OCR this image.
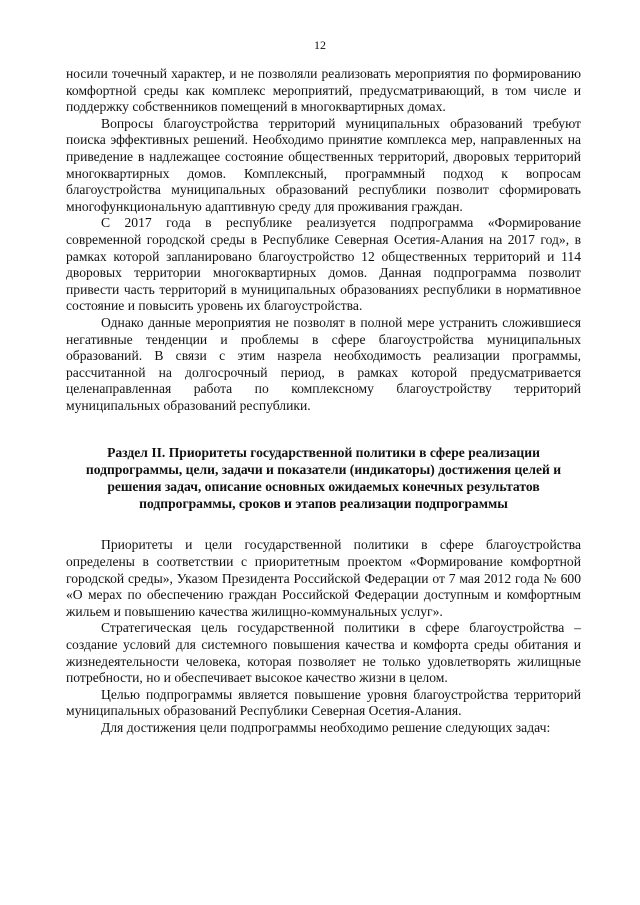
12

носили точечный характер, и не позволяли реализовать мероприятия по формированию комфортной среды как комплекс мероприятий, предусматривающий, в том числе и поддержку собственников помещений в многоквартирных домах.

Вопросы благоустройства территорий муниципальных образований требуют поиска эффективных решений. Необходимо принятие комплекса мер, направленных на приведение в надлежащее состояние общественных территорий, дворовых территорий многоквартирных домов. Комплексный, программный подход к вопросам благоустройства муниципальных образований республики позволит сформировать многофункциональную адаптивную среду для проживания граждан.

С 2017 года в республике реализуется подпрограмма «Формирование современной городской среды в Республике Северная Осетия-Алания на 2017 год», в рамках которой запланировано благоустройство 12 общественных территорий и 114 дворовых территории многоквартирных домов. Данная подпрограмма позволит привести часть территорий в муниципальных образованиях республики в нормативное состояние и повысить уровень их благоустройства.

Однако данные мероприятия не позволят в полной мере устранить сложившиеся негативные тенденции и проблемы в сфере благоустройства муниципальных образований. В связи с этим назрела необходимость реализации программы, рассчитанной на долгосрочный период, в рамках которой предусматривается целенаправленная работа по комплексному благоустройству территорий муниципальных образований республики.

Раздел II. Приоритеты государственной политики в сфере реализации подпрограммы, цели, задачи и показатели (индикаторы) достижения целей и решения задач, описание основных ожидаемых конечных результатов подпрограммы, сроков и этапов реализации подпрограммы

Приоритеты и цели государственной политики в сфере благоустройства определены в соответствии с приоритетным проектом «Формирование комфортной городской среды», Указом Президента Российской Федерации от 7 мая 2012 года № 600 «О мерах по обеспечению граждан Российской Федерации доступным и комфортным жильем и повышению качества жилищно-коммунальных услуг».

Стратегическая цель государственной политики в сфере благоустройства – создание условий для системного повышения качества и комфорта среды обитания и жизнедеятельности человека, которая позволяет не только удовлетворять жилищные потребности, но и обеспечивает высокое качество жизни в целом.

Целью подпрограммы является повышение уровня благоустройства территорий муниципальных образований Республики Северная Осетия-Алания.

Для достижения цели подпрограммы необходимо решение следующих задач:
